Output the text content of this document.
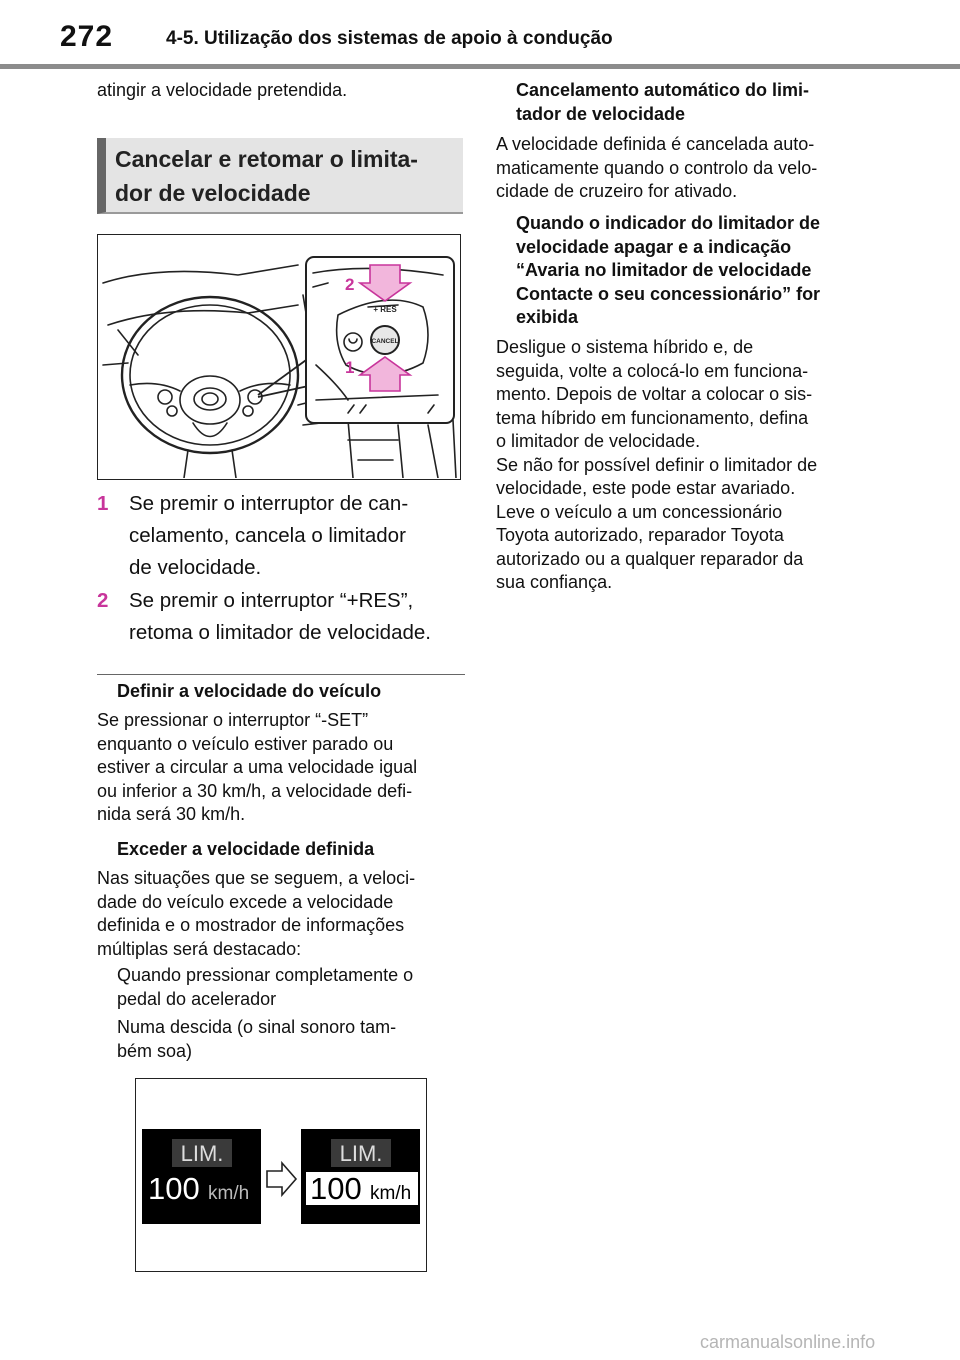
272	4-5. Utilização dos sistemas de apoio à condução
atingir a velocidade pretendida.
Cancelar e retomar o limita-
dor de velocidade
+ RES
CANCEL
2
1
1 Se premir o interruptor de can-
celamento, cancela o limitador
de velocidade.
2 Se premir o interruptor “+RES”,
retoma o limitador de velocidade.
Definir a velocidade do veículo
Se pressionar o interruptor “-SET”
enquanto o veículo estiver parado ou
estiver a circular a uma velocidade igual
ou inferior a 30 km/h, a velocidade defi-
nida será 30 km/h.
Exceder a velocidade definida
Nas situações que se seguem, a veloci-
dade do veículo excede a velocidade
definida e o mostrador de informações
múltiplas será destacado:
Quando pressionar completamente o
pedal do acelerador
Numa descida (o sinal sonoro tam-
bém soa)
LIM.
100 km/h
LIM.
100 km/h
Cancelamento automático do limi-
tador de velocidade
A velocidade definida é cancelada auto-
maticamente quando o controlo da velo-
cidade de cruzeiro for ativado.
Quando o indicador do limitador de
velocidade apagar e a indicação
“Avaria no limitador de velocidade
Contacte o seu concessionário” for
exibida
Desligue o sistema híbrido e, de
seguida, volte a colocá-lo em funciona-
mento. Depois de voltar a colocar o sis-
tema híbrido em funcionamento, defina
o limitador de velocidade.
Se não for possível definir o limitador de
velocidade, este pode estar avariado.
Leve o veículo a um concessionário
Toyota autorizado, reparador Toyota
autorizado ou a qualquer reparador da
sua confiança.
carmanualsonline.info
